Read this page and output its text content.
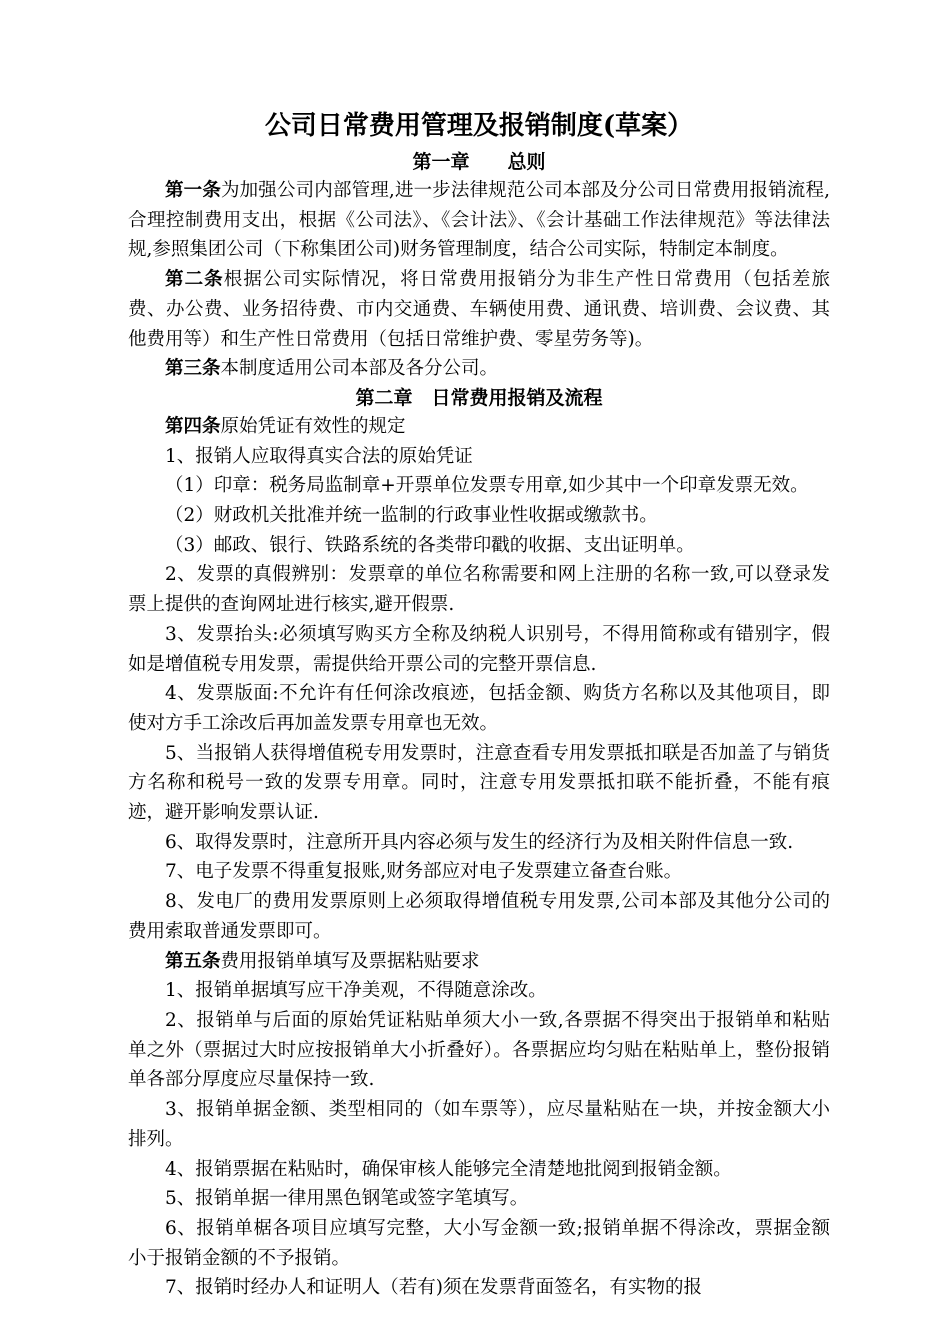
公司日常费用管理及报销制度(草案）
第一章　　总则

第一条为加强公司内部管理,进一步法律规范公司本部及分公司日常费用报销流程,合理控制费用支出，根据《公司法》、《会计法》、《会计基础工作法律规范》等法律法规,参照集团公司（下称集团公司)财务管理制度，结合公司实际，特制定本制度。

第二条根据公司实际情况，将日常费用报销分为非生产性日常费用（包括差旅费、办公费、业务招待费、市内交通费、车辆使用费、通讯费、培训费、会议费、其他费用等）和生产性日常费用（包括日常维护费、零星劳务等)。

第三条本制度适用公司本部及各分公司。

第二章　日常费用报销及流程

第四条原始凭证有效性的规定

1、报销人应取得真实合法的原始凭证

（1）印章：税务局监制章+开票单位发票专用章,如少其中一个印章发票无效。

（2）财政机关批准并统一监制的行政事业性收据或缴款书。

（3）邮政、银行、铁路系统的各类带印戳的收据、支出证明单。

2、发票的真假辨别：发票章的单位名称需要和网上注册的名称一致,可以登录发票上提供的查询网址进行核实,避开假票.

3、发票抬头:必须填写购买方全称及纳税人识别号，不得用简称或有错别字，假如是增值税专用发票，需提供给开票公司的完整开票信息.

4、发票版面:不允许有任何涂改痕迹，包括金额、购货方名称以及其他项目，即使对方手工涂改后再加盖发票专用章也无效。

5、当报销人获得增值税专用发票时，注意查看专用发票抵扣联是否加盖了与销货方名称和税号一致的发票专用章。同时，注意专用发票抵扣联不能折叠，不能有痕迹，避开影响发票认证.

6、取得发票时，注意所开具内容必须与发生的经济行为及相关附件信息一致.

7、电子发票不得重复报账,财务部应对电子发票建立备查台账。

8、发电厂的费用发票原则上必须取得增值税专用发票,公司本部及其他分公司的费用索取普通发票即可。

第五条费用报销单填写及票据粘贴要求

1、报销单据填写应干净美观，不得随意涂改。

2、报销单与后面的原始凭证粘贴单须大小一致,各票据不得突出于报销单和粘贴单之外（票据过大时应按报销单大小折叠好）。各票据应均匀贴在粘贴单上，整份报销单各部分厚度应尽量保持一致.

3、报销单据金额、类型相同的（如车票等），应尽量粘贴在一块，并按金额大小排列。

4、报销票据在粘贴时，确保审核人能够完全清楚地批阅到报销金额。

5、报销单据一律用黑色钢笔或签字笔填写。

6、报销单椐各项目应填写完整，大小写金额一致;报销单据不得涂改，票据金额小于报销金额的不予报销。

7、报销时经办人和证明人（若有)须在发票背面签名，有实物的报
